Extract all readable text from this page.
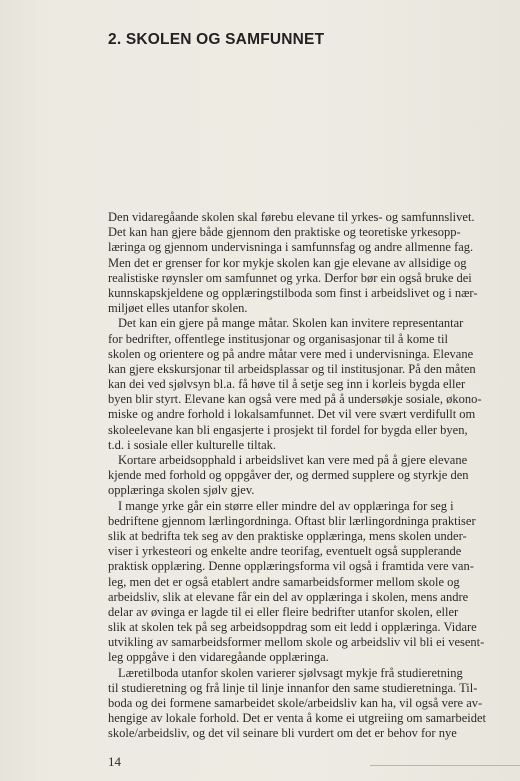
2. SKOLEN OG SAMFUNNET
Den vidaregåande skolen skal førebu elevane til yrkes- og samfunnslivet.
Det kan han gjere både gjennom den praktiske og teoretiske yrkesopp-
læringa og gjennom undervisninga i samfunnsfag og andre allmenne fag.
Men det er grenser for kor mykje skolen kan gje elevane av allsidige og
realistiske røynsler om samfunnet og yrka. Derfor bør ein også bruke dei
kunnskapskjeldene og opplæringstilboda som finst i arbeidslivet og i nær-
miljøet elles utanfor skolen.
Det kan ein gjere på mange måtar. Skolen kan invitere representantar
for bedrifter, offentlege institusjonar og organisasjonar til å kome til
skolen og orientere og på andre måtar vere med i undervisninga. Elevane
kan gjere ekskursjonar til arbeidsplassar og til institusjonar. På den måten
kan dei ved sjølvsyn bl.a. få høve til å setje seg inn i korleis bygda eller
byen blir styrt. Elevane kan også vere med på å undersøkje sosiale, økono-
miske og andre forhold i lokalsamfunnet. Det vil vere svært verdifullt om
skoleelevane kan bli engasjerte i prosjekt til fordel for bygda eller byen,
t.d. i sosiale eller kulturelle tiltak.
Kortare arbeidsopphald i arbeidslivet kan vere med på å gjere elevane
kjende med forhold og oppgåver der, og dermed supplere og styrkje den
opplæringa skolen sjølv gjev.
I mange yrke går ein større eller mindre del av opplæringa for seg i
bedriftene gjennom lærlingordninga. Oftast blir lærlingordninga praktiser
slik at bedrifta tek seg av den praktiske opplæringa, mens skolen under-
viser i yrkesteori og enkelte andre teorifag, eventuelt også supplerande
praktisk opplæring. Denne opplæringsforma vil også i framtida vere van-
leg, men det er også etablert andre samarbeidsformer mellom skole og
arbeidsliv, slik at elevane får ein del av opplæringa i skolen, mens andre
delar av øvinga er lagde til ei eller fleire bedrifter utanfor skolen, eller
slik at skolen tek på seg arbeidsoppdrag som eit ledd i opplæringa. Vidare
utvikling av samarbeidsformer mellom skole og arbeidsliv vil bli ei vesent-
leg oppgåve i den vidaregåande opplæringa.
Læretilboda utanfor skolen varierer sjølvsagt mykje frå studieretning
til studieretning og frå linje til linje innanfor den same studieretninga. Til-
boda og dei formene samarbeidet skole/arbeidsliv kan ha, vil også vere av-
hengige av lokale forhold. Det er venta å kome ei utgreiing om samarbeidet
skole/arbeidsliv, og det vil seinare bli vurdert om det er behov for nye
14
